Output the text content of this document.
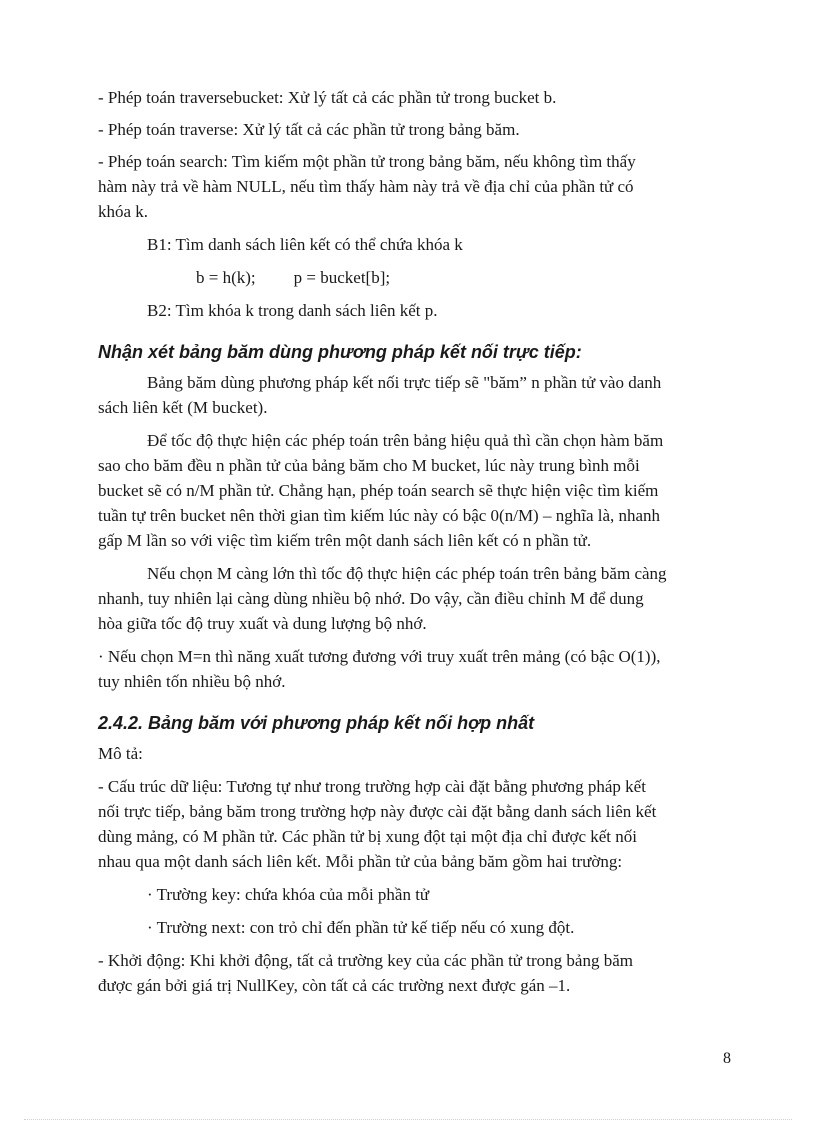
- Phép toán traversebucket: Xử lý tất cả các phần tử trong bucket b.
- Phép toán traverse: Xử lý tất cả các phần tử trong bảng băm.
- Phép toán search: Tìm kiếm một phần tử trong bảng băm, nếu không tìm thấy
hàm này trả về hàm NULL, nếu tìm thấy hàm này trả về địa chỉ của phần tử có
khóa k.
B1: Tìm danh sách liên kết có thể chứa khóa k
b = h(k); p = bucket[b];
B2: Tìm khóa k trong danh sách liên kết p.
Nhận xét bảng băm dùng phương pháp kết nối trực tiếp:
Bảng băm dùng phương pháp kết nối trực tiếp sẽ "băm” n phần tử vào danh
sách liên kết (M bucket).
Để tốc độ thực hiện các phép toán trên bảng hiệu quả thì cần chọn hàm băm
sao cho băm đều n phần tử của bảng băm cho M bucket, lúc này trung bình mỗi
bucket sẽ có n/M phần tử. Chẳng hạn, phép toán search sẽ thực hiện việc tìm kiếm
tuần tự trên bucket nên thời gian tìm kiếm lúc này có bậc 0(n/M) – nghĩa là, nhanh
gấp M lần so với việc tìm kiếm trên một danh sách liên kết có n phần tử.
Nếu chọn M càng lớn thì tốc độ thực hiện các phép toán trên bảng băm càng
nhanh, tuy nhiên lại càng dùng nhiều bộ nhớ. Do vậy, cần điều chỉnh M để dung
hòa giữa tốc độ truy xuất và dung lượng bộ nhớ.
· Nếu chọn M=n thì năng xuất tương đương với truy xuất trên mảng (có bậc O(1)),
tuy nhiên tốn nhiều bộ nhớ.
2.4.2. Bảng băm với phương pháp kết nối hợp nhất
Mô tả:
- Cấu trúc dữ liệu: Tương tự như trong trường hợp cài đặt bằng phương pháp kết
nối trực tiếp, bảng băm trong trường hợp này được cài đặt bằng danh sách liên kết
dùng mảng, có M phần tử. Các phần tử bị xung đột tại một địa chỉ được kết nối
nhau qua một danh sách liên kết. Mỗi phần tử của bảng băm gồm hai trường:
· Trường key: chứa khóa của mỗi phần tử
· Trường next: con trỏ chỉ đến phần tử kế tiếp nếu có xung đột.
- Khởi động: Khi khởi động, tất cả trường key của các phần tử trong bảng băm
được gán bởi giá trị NullKey, còn tất cả các trường next được gán –1.
8
